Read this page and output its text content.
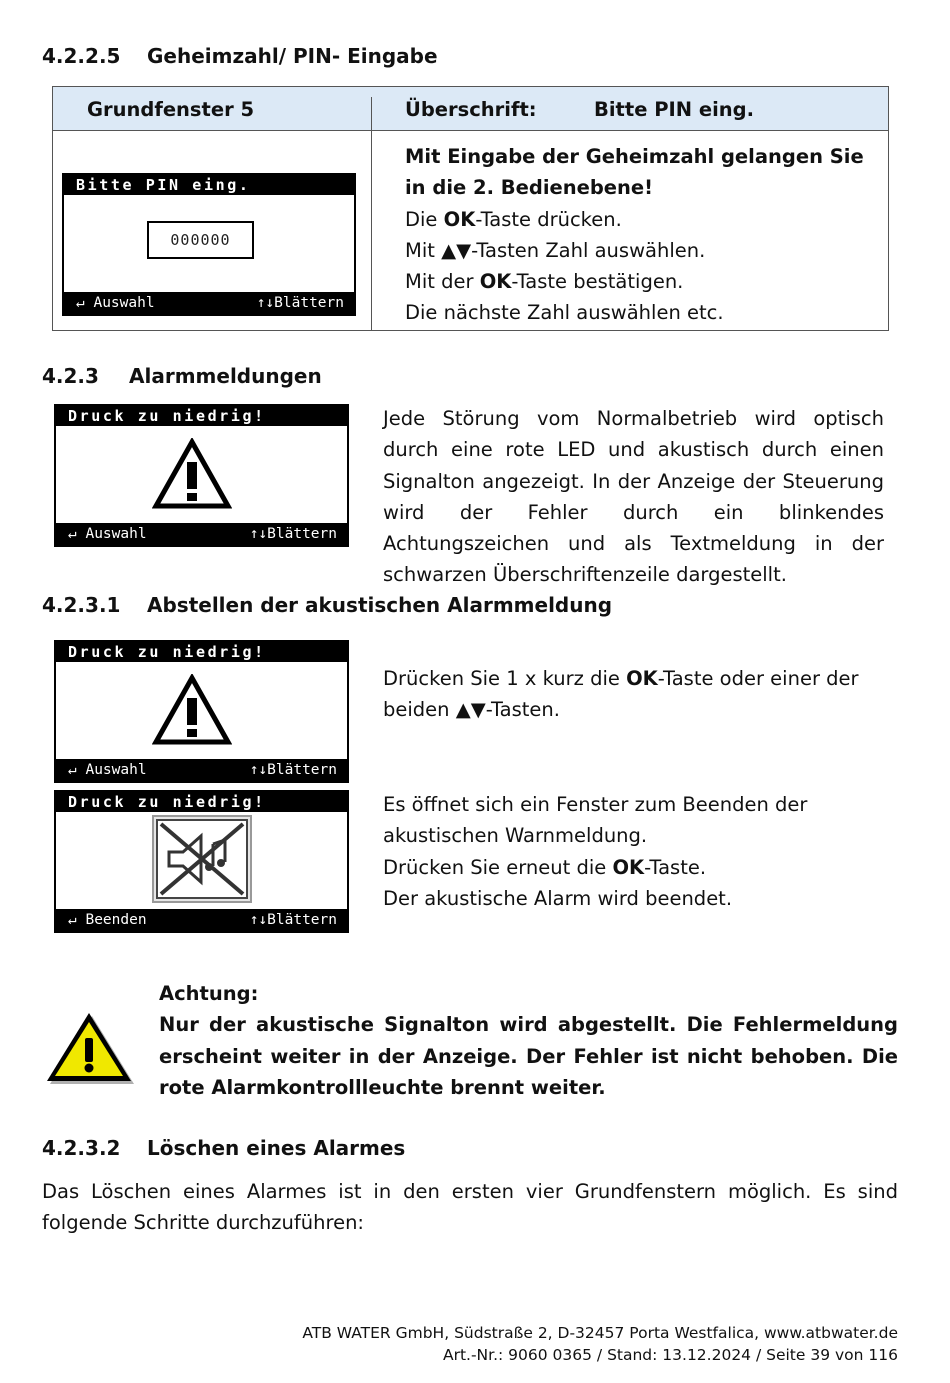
4.2.2.5 Geheimzahl/ PIN- Eingabe
Grundfenster 5	Überschrift:	Bitte PIN eing.
Bitte PIN eing.
000000
↵ Auswahl	↑↓Blättern
Mit Eingabe der Geheimzahl gelangen Sie in die 2. Bedienebene!
Die OK-Taste drücken.
Mit ▲▼-Tasten Zahl auswählen.
Mit der OK-Taste bestätigen.
Die nächste Zahl auswählen etc.
4.2.3 Alarmmeldungen
Druck zu niedrig!
↵ Auswahl	↑↓Blättern
Jede Störung vom Normalbetrieb wird optisch durch eine rote LED und akustisch durch einen Signalton angezeigt. In der Anzeige der Steuerung wird der Fehler durch ein blinkendes Achtungszeichen und als Textmeldung in der schwarzen Überschriftenzeile dargestellt.
4.2.3.1 Abstellen der akustischen Alarmmeldung
Druck zu niedrig!
↵ Auswahl	↑↓Blättern
Druck zu niedrig!
↵ Beenden	↑↓Blättern
Drücken Sie 1 x kurz die OK-Taste oder einer der beiden ▲▼-Tasten.
Es öffnet sich ein Fenster zum Beenden der akustischen Warnmeldung.
Drücken Sie erneut die OK-Taste.
Der akustische Alarm wird beendet.
Achtung:
Nur der akustische Signalton wird abgestellt. Die Fehlermeldung erscheint weiter in der Anzeige. Der Fehler ist nicht behoben. Die rote Alarmkontrollleuchte brennt weiter.
4.2.3.2 Löschen eines Alarmes
Das Löschen eines Alarmes ist in den ersten vier Grundfenstern möglich. Es sind folgende Schritte durchzuführen:
ATB WATER GmbH, Südstraße 2, D-32457 Porta Westfalica, www.atbwater.de
Art.-Nr.: 9060 0365 / Stand: 13.12.2024 / Seite 39 von 116
